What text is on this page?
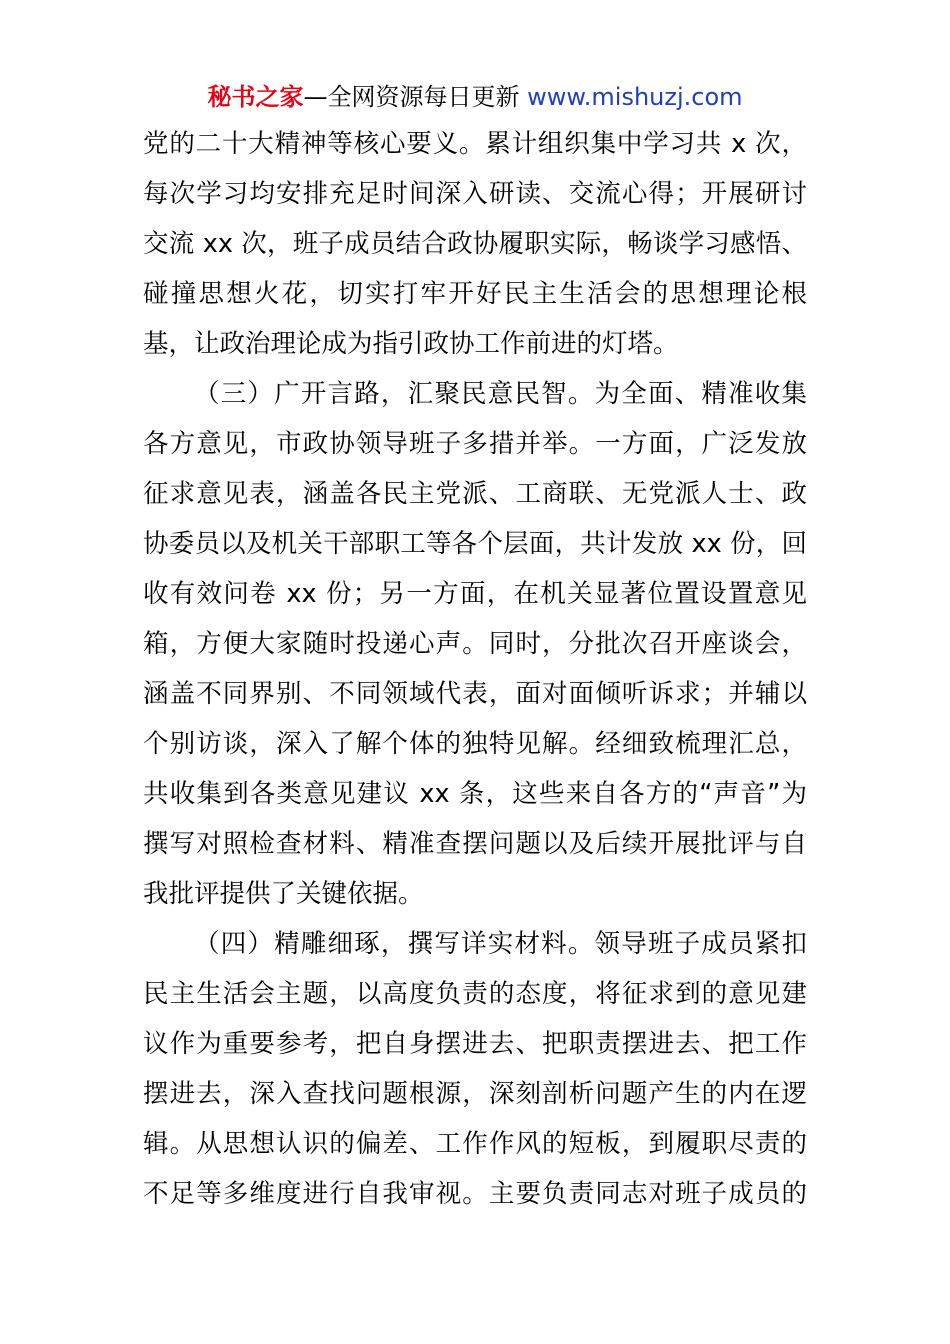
秘书之家—全网资源每日更新 www.mishuzj.com
党的二十大精神等核心要义。累计组织集中学习共 x 次，
每次学习均安排充足时间深入研读、交流心得；开展研讨
交流 xx 次，班子成员结合政协履职实际，畅谈学习感悟、
碰撞思想火花，切实打牢开好民主生活会的思想理论根
基，让政治理论成为指引政协工作前进的灯塔。
（三）广开言路，汇聚民意民智。为全面、精准收集
各方意见，市政协领导班子多措并举。一方面，广泛发放
征求意见表，涵盖各民主党派、工商联、无党派人士、政
协委员以及机关干部职工等各个层面，共计发放 xx 份，回
收有效问卷 xx 份；另一方面，在机关显著位置设置意见
箱，方便大家随时投递心声。同时，分批次召开座谈会，
涵盖不同界别、不同领域代表，面对面倾听诉求；并辅以
个别访谈，深入了解个体的独特见解。经细致梳理汇总，
共收集到各类意见建议 xx 条，这些来自各方的“声音”为
撰写对照检查材料、精准查摆问题以及后续开展批评与自
我批评提供了关键依据。
（四）精雕细琢，撰写详实材料。领导班子成员紧扣
民主生活会主题，以高度负责的态度，将征求到的意见建
议作为重要参考，把自身摆进去、把职责摆进去、把工作
摆进去，深入查找问题根源，深刻剖析问题产生的内在逻
辑。从思想认识的偏差、工作作风的短板，到履职尽责的
不足等多维度进行自我审视。主要负责同志对班子成员的
